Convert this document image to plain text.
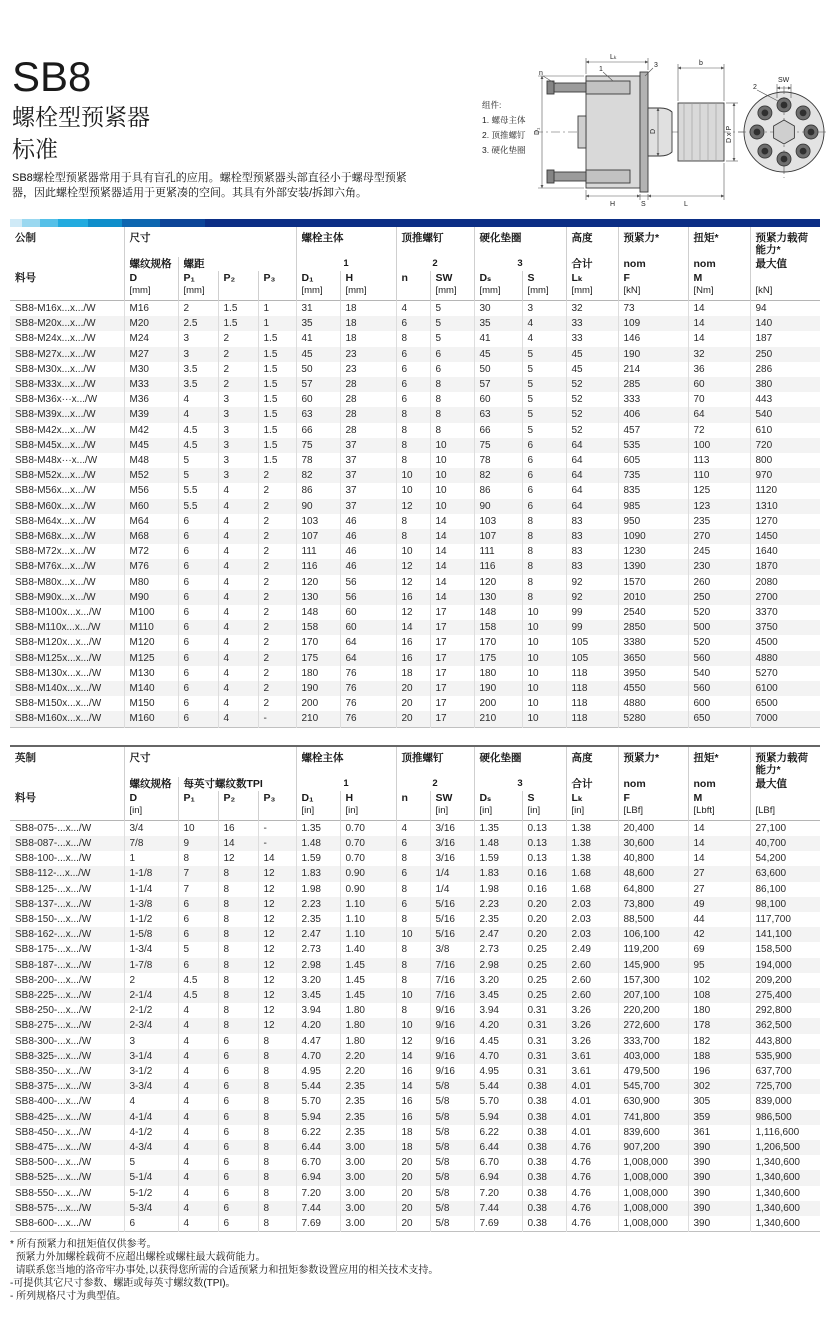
SB8
螺栓型预紧器
标准

SB8螺栓型预紧器常用于具有盲孔的应用。螺栓型预紧器头部直径小于螺母型预紧器，因此螺栓型预紧器适用于更紧凑的空间。其具有外部安装/拆卸六角。

组件:
1. 螺母主体
2. 顶推螺钉
3. 硬化垫圈
Lₖ
1
3	b
n
D₁	D	D x P
H	S	L
SW
2
公制	尺寸				螺栓主体		顶推螺钉		硬化垫圈		高度	预紧力*	扭矩*	预紧力载荷能力*
	螺纹规格	螺距			1		2		3		合计	nom	nom	最大值
料号	D	P₁	P₂	P₃	D₁	H	n	SW	Dₛ	S	Lₖ	F	M	
	[mm]	[mm]			[mm]	[mm]		[mm]	[mm]	[mm]	[mm]	[kN]	[Nm]	[kN]
SB8-M16x...x.../W	M16	2	1.5	1	31	18	4	5	30	3	32	73	14	94
SB8-M20x...x.../W	M20	2.5	1.5	1	35	18	6	5	35	4	33	109	14	140
SB8-M24x...x.../W	M24	3	2	1.5	41	18	8	5	41	4	33	146	14	187
SB8-M27x...x.../W	M27	3	2	1.5	45	23	6	6	45	5	45	190	32	250
SB8-M30x...x.../W	M30	3.5	2	1.5	50	23	6	6	50	5	45	214	36	286
SB8-M33x...x.../W	M33	3.5	2	1.5	57	28	6	8	57	5	52	285	60	380
SB8-M36x···x.../W	M36	4	3	1.5	60	28	6	8	60	5	52	333	70	443
SB8-M39x...x.../W	M39	4	3	1.5	63	28	8	8	63	5	52	406	64	540
SB8-M42x...x.../W	M42	4.5	3	1.5	66	28	8	8	66	5	52	457	72	610
SB8-M45x...x.../W	M45	4.5	3	1.5	75	37	8	10	75	6	64	535	100	720
SB8-M48x···x.../W	M48	5	3	1.5	78	37	8	10	78	6	64	605	113	800
SB8-M52x...x.../W	M52	5	3	2	82	37	10	10	82	6	64	735	110	970
SB8-M56x...x.../W	M56	5.5	4	2	86	37	10	10	86	6	64	835	125	1120
SB8-M60x...x.../W	M60	5.5	4	2	90	37	12	10	90	6	64	985	123	1310
SB8-M64x...x.../W	M64	6	4	2	103	46	8	14	103	8	83	950	235	1270
SB8-M68x...x.../W	M68	6	4	2	107	46	8	14	107	8	83	1090	270	1450
SB8-M72x...x.../W	M72	6	4	2	111	46	10	14	111	8	83	1230	245	1640
SB8-M76x...x.../W	M76	6	4	2	116	46	12	14	116	8	83	1390	230	1870
SB8-M80x...x.../W	M80	6	4	2	120	56	12	14	120	8	92	1570	260	2080
SB8-M90x...x.../W	M90	6	4	2	130	56	16	14	130	8	92	2010	250	2700
SB8-M100x...x.../W	M100	6	4	2	148	60	12	17	148	10	99	2540	520	3370
SB8-M110x...x.../W	M110	6	4	2	158	60	14	17	158	10	99	2850	500	3750
SB8-M120x...x.../W	M120	6	4	2	170	64	16	17	170	10	105	3380	520	4500
SB8-M125x...x.../W	M125	6	4	2	175	64	16	17	175	10	105	3650	560	4880
SB8-M130x...x.../W	M130	6	4	2	180	76	18	17	180	10	118	3950	540	5270
SB8-M140x...x.../W	M140	6	4	2	190	76	20	17	190	10	118	4550	560	6100
SB8-M150x...x.../W	M150	6	4	2	200	76	20	17	200	10	118	4880	600	6500
SB8-M160x...x.../W	M160	6	4	-	210	76	20	17	210	10	118	5280	650	7000
英制	尺寸				螺栓主体		顶推螺钉		硬化垫圈		高度	预紧力*	扭矩*	预紧力载荷能力*
	螺纹规格	每英寸螺纹数TPI			1		2		3		合计	nom	nom	最大值
料号	D	P₁	P₂	P₃	D₁	H	n	SW	Dₛ	S	Lₖ	F	M	
	[in]				[in]	[in]		[in]	[in]	[in]	[in]	[LBf]	[Lbft]	[LBf]
SB8-075-...x.../W	3/4	10	16	-	1.35	0.70	4	3/16	1.35	0.13	1.38	20,400	14	27,100
SB8-087-...x.../W	7/8	9	14	-	1.48	0.70	6	3/16	1.48	0.13	1.38	30,600	14	40,700
SB8-100-...x.../W	1	8	12	14	1.59	0.70	8	3/16	1.59	0.13	1.38	40,800	14	54,200
SB8-112-...x.../W	1-1/8	7	8	12	1.83	0.90	6	1/4	1.83	0.16	1.68	48,600	27	63,600
SB8-125-...x.../W	1-1/4	7	8	12	1.98	0.90	8	1/4	1.98	0.16	1.68	64,800	27	86,100
SB8-137-...x.../W	1-3/8	6	8	12	2.23	1.10	6	5/16	2.23	0.20	2.03	73,800	49	98,100
SB8-150-...x.../W	1-1/2	6	8	12	2.35	1.10	8	5/16	2.35	0.20	2.03	88,500	44	117,700
SB8-162-...x.../W	1-5/8	6	8	12	2.47	1.10	10	5/16	2.47	0.20	2.03	106,100	42	141,100
SB8-175-...x.../W	1-3/4	5	8	12	2.73	1.40	8	3/8	2.73	0.25	2.49	119,200	69	158,500
SB8-187-...x.../W	1-7/8	6	8	12	2.98	1.45	8	7/16	2.98	0.25	2.60	145,900	95	194,000
SB8-200-...x.../W	2	4.5	8	12	3.20	1.45	8	7/16	3.20	0.25	2.60	157,300	102	209,200
SB8-225-...x.../W	2-1/4	4.5	8	12	3.45	1.45	10	7/16	3.45	0.25	2.60	207,100	108	275,400
SB8-250-...x.../W	2-1/2	4	8	12	3.94	1.80	8	9/16	3.94	0.31	3.26	220,200	180	292,800
SB8-275-...x.../W	2-3/4	4	8	12	4.20	1.80	10	9/16	4.20	0.31	3.26	272,600	178	362,500
SB8-300-...x.../W	3	4	6	8	4.47	1.80	12	9/16	4.45	0.31	3.26	333,700	182	443,800
SB8-325-...x.../W	3-1/4	4	6	8	4.70	2.20	14	9/16	4.70	0.31	3.61	403,000	188	535,900
SB8-350-...x.../W	3-1/2	4	6	8	4.95	2.20	16	9/16	4.95	0.31	3.61	479,500	196	637,700
SB8-375-...x.../W	3-3/4	4	6	8	5.44	2.35	14	5/8	5.44	0.38	4.01	545,700	302	725,700
SB8-400-...x.../W	4	4	6	8	5.70	2.35	16	5/8	5.70	0.38	4.01	630,900	305	839,000
SB8-425-...x.../W	4-1/4	4	6	8	5.94	2.35	16	5/8	5.94	0.38	4.01	741,800	359	986,500
SB8-450-...x.../W	4-1/2	4	6	8	6.22	2.35	18	5/8	6.22	0.38	4.01	839,600	361	1,116,600
SB8-475-...x.../W	4-3/4	4	6	8	6.44	3.00	18	5/8	6.44	0.38	4.76	907,200	390	1,206,500
SB8-500-...x.../W	5	4	6	8	6.70	3.00	20	5/8	6.70	0.38	4.76	1,008,000	390	1,340,600
SB8-525-...x.../W	5-1/4	4	6	8	6.94	3.00	20	5/8	6.94	0.38	4.76	1,008,000	390	1,340,600
SB8-550-...x.../W	5-1/2	4	6	8	7.20	3.00	20	5/8	7.20	0.38	4.76	1,008,000	390	1,340,600
SB8-575-...x.../W	5-3/4	4	6	8	7.44	3.00	20	5/8	7.44	0.38	4.76	1,008,000	390	1,340,600
SB8-600-...x.../W	6	4	6	8	7.69	3.00	20	5/8	7.69	0.38	4.76	1,008,000	390	1,340,600

* 所有预紧力和扭矩值仅供参考。

预紧力外加螺栓载荷不应超出螺栓或螺柱最大载荷能力。

请联系您当地的洛帝牢办事处,以获得您所需的合适预紧力和扭矩参数设置应用的相关技术支持。

-可提供其它尺寸参数、螺距或每英寸螺纹数(TPI)。

- 所列规格尺寸为典型值。
